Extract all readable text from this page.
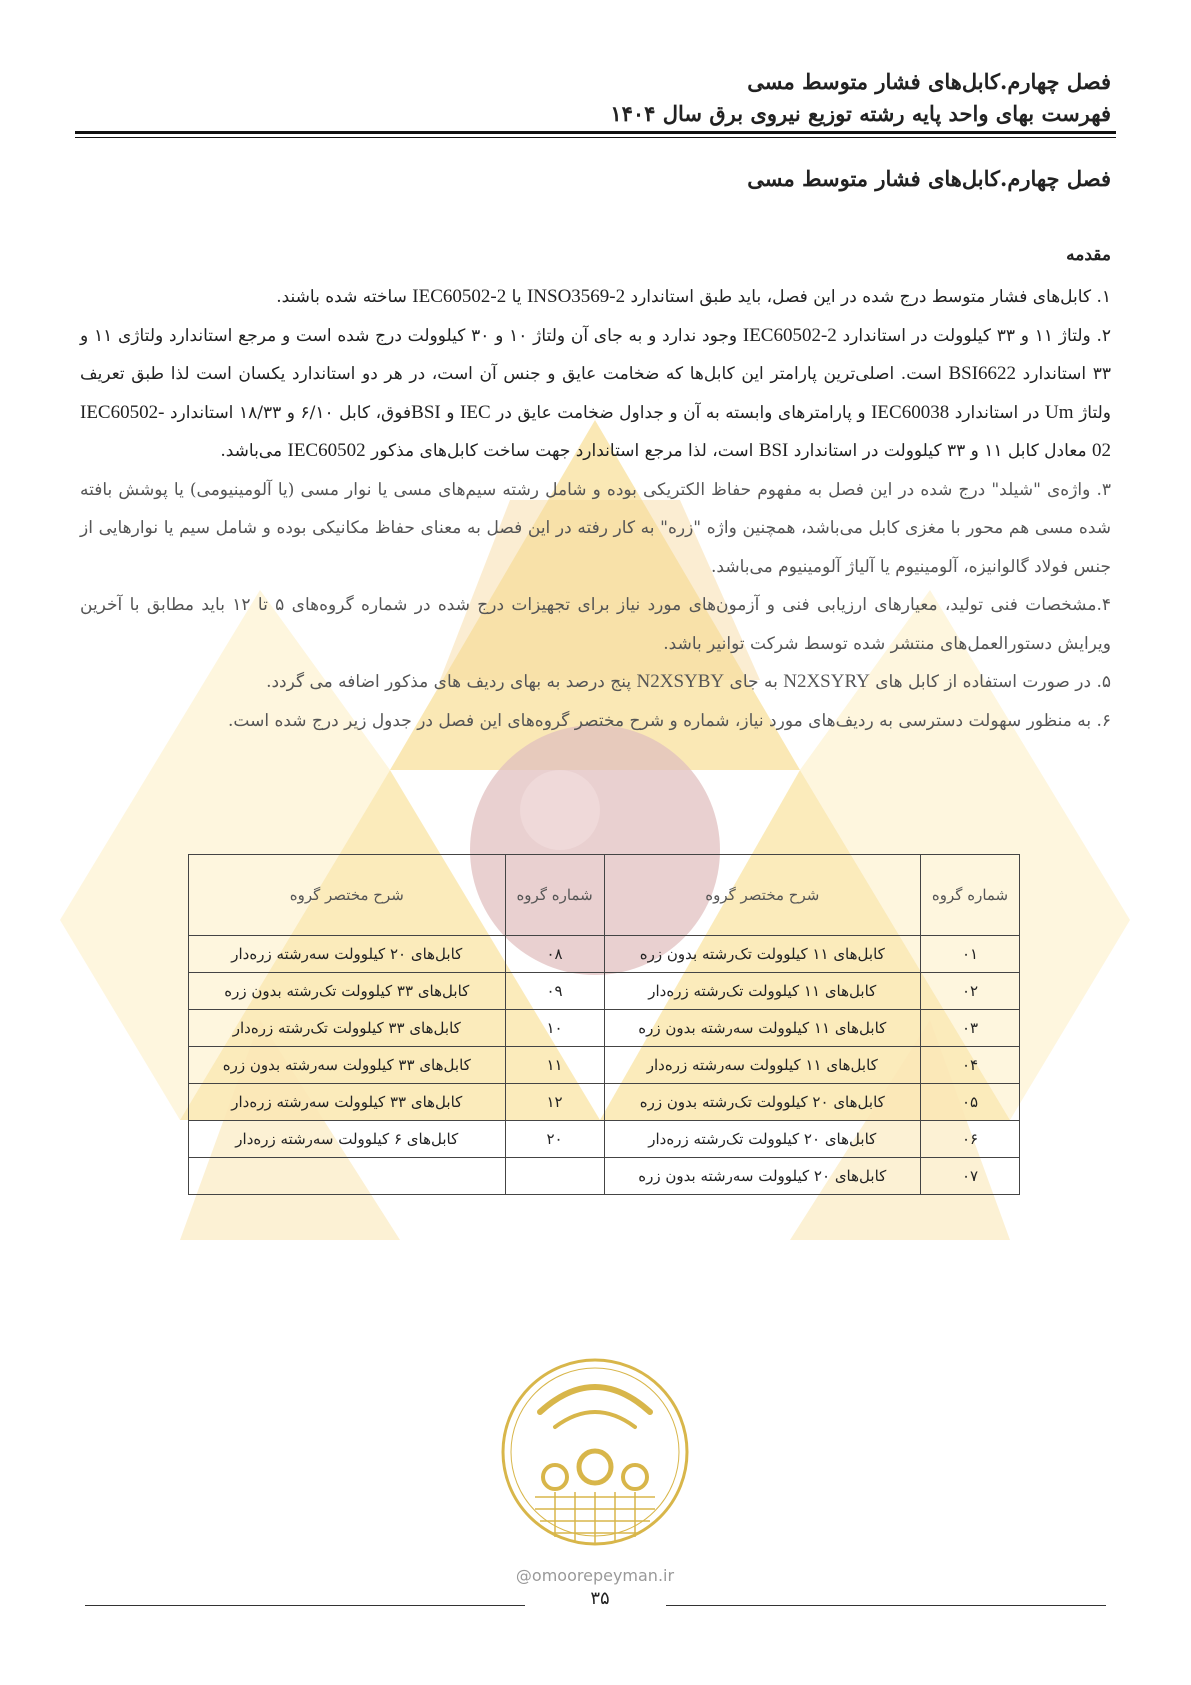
فصل چهارم.کابل‌های فشار متوسط مسی
فهرست بهای واحد پایه رشته توزیع نیروی برق سال ۱۴۰۴
فصل چهارم.کابل‌های فشار متوسط مسی
مقدمه

۱. کابل‌های فشار متوسط درج شده در این فصل، باید طبق استاندارد INSO3569-2 یا IEC60502-2 ساخته شده باشند.

۲. ولتاژ ۱۱ و ۳۳ کیلوولت در استاندارد IEC60502-2 وجود ندارد و به جای آن ولتاژ ۱۰ و ۳۰ کیلوولت درج شده است و مرجع استاندارد ولتاژی ۱۱ و ۳۳ استاندارد BSI6622 است. اصلی‌ترین پارامتر این کابل‌ها که ضخامت عایق و جنس آن است، در هر دو استاندارد یکسان است لذا طبق تعریف ولتاژ Um در استاندارد IEC60038 و پارامترهای وابسته به آن و جداول ضخامت عایق در IEC و BSIفوق، کابل ۶/۱۰ و ۱۸/۳۳ استاندارد IEC60502-02 معادل کابل ۱۱ و ۳۳ کیلوولت در استاندارد BSI است، لذا مرجع استاندارد جهت ساخت کابل‌های مذکور IEC60502 می‌باشد.

۳. واژه‌ی "شیلد" درج شده در این فصل به مفهوم حفاظ الکتریکی بوده و شامل رشته سیم‌های مسی یا نوار مسی (یا آلومینیومی) یا پوشش بافته شده مسی هم محور با مغزی کابل می‌باشد، همچنین واژه "زره" به کار رفته در این فصل به معنای حفاظ مکانیکی بوده و شامل سیم یا نوارهایی از جنس فولاد گالوانیزه، آلومینیوم یا آلیاژ آلومینیوم می‌باشد.

۴.مشخصات فنی تولید، معیارهای ارزیابی فنی و آزمون‌های مورد نیاز برای تجهیزات درج شده در شماره گروه‌های ۵ تا ۱۲ باید مطابق با آخرین ویرایش دستورالعمل‌های منتشر شده توسط شرکت توانیر باشد.

۵. در صورت استفاده از کابل های N2XSYRY به جای N2XSYBY پنج درصد به بهای ردیف های مذکور اضافه می گردد.

۶. به منظور سهولت دسترسی به ردیف‌های مورد نیاز، شماره و شرح مختصر گروه‌های این فصل در جدول زیر درج شده است.

شماره گروه	شرح مختصر گروه	شماره گروه	شرح مختصر گروه
۰۱	کابل‌های ۱۱ کیلوولت تک‌رشته بدون زره	۰۸	کابل‌های ۲۰ کیلوولت سه‌رشته زره‌دار
۰۲	کابل‌های ۱۱ کیلوولت تک‌رشته زره‌دار	۰۹	کابل‌های ۳۳ کیلوولت تک‌رشته بدون زره
۰۳	کابل‌های ۱۱ کیلوولت سه‌رشته بدون زره	۱۰	کابل‌های ۳۳ کیلوولت تک‌رشته زره‌دار
۰۴	کابل‌های ۱۱ کیلوولت سه‌رشته زره‌دار	۱۱	کابل‌های ۳۳ کیلوولت سه‌رشته بدون زره
۰۵	کابل‌های ۲۰ کیلوولت تک‌رشته بدون زره	۱۲	کابل‌های ۳۳ کیلوولت سه‌رشته زره‌دار
۰۶	کابل‌های ۲۰ کیلوولت تک‌رشته زره‌دار	۲۰	کابل‌های ۶ کیلوولت سه‌رشته زره‌دار
۰۷	کابل‌های ۲۰ کیلوولت سه‌رشته بدون زره		
@omoorepeyman.ir
۳۵
